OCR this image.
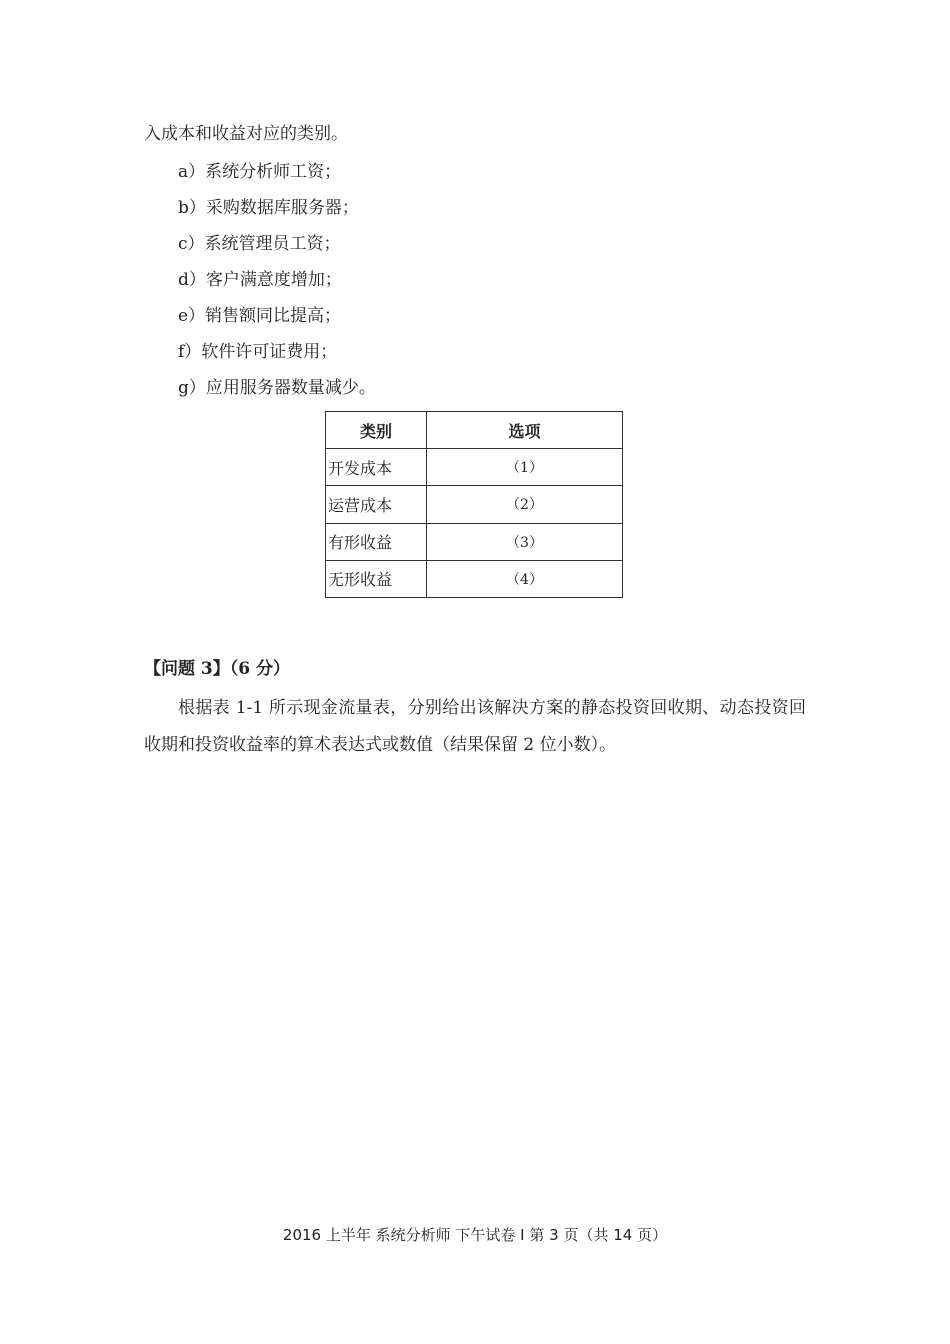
入成本和收益对应的类别。
a）系统分析师工资；
b）采购数据库服务器；
c）系统管理员工资；
d）客户满意度增加；
e）销售额同比提高；
f）软件许可证费用；
g）应用服务器数量减少。
类别	选项
开发成本	（1）
运营成本	（2）
有形收益	（3）
无形收益	（4）
【问题 3】（6 分）
根据表 1-1 所示现金流量表，分别给出该解决方案的静态投资回收期、动态投资回收期和投资收益率的算术表达式或数值（结果保留 2 位小数）。
2016 上半年 系统分析师 下午试卷 I 第 3 页（共 14 页）
